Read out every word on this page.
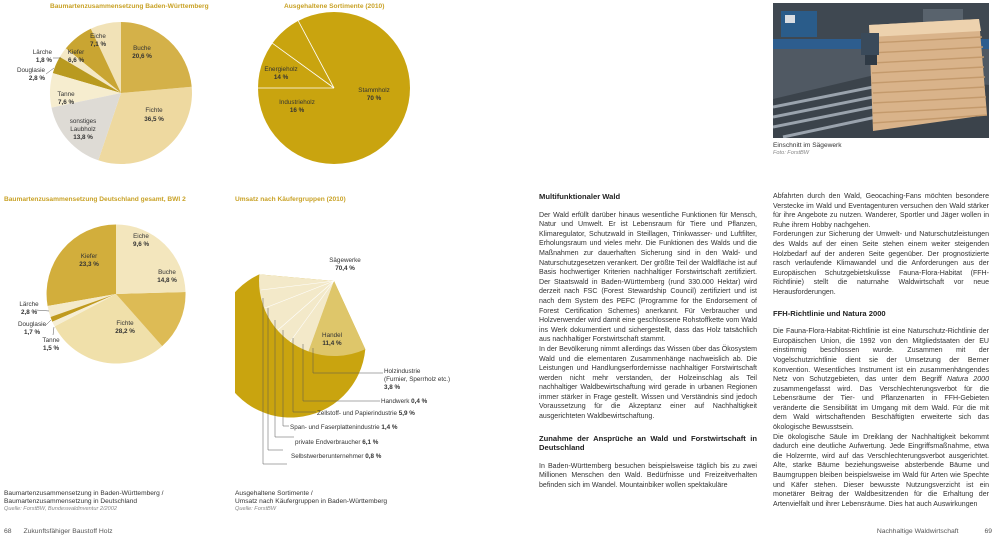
Baumartenzusammensetzung Baden-Württemberg	Ausgehaltene Sortimente (2010)
Baumartenzusammensetzung Deutschland gesamt, BWI 2	Umsatz nach Käufergruppen (2010)
Eiche
7,1 %
Buche
20,6 %
Kiefer
6,6 %
Lärche
1,8 %
Douglasie
2,8 %
Tanne
7,6 %
sonstiges
Laubholz
13,8 %
Fichte
36,5 %
Energieholz
14 %
Industrieholz
16 %
Stammholz
70 %
Eiche
9,6 %
Kiefer
23,3 %
Buche
14,8 %
Lärche
2,8 %
Douglasie
1,7 %
Tanne
1,5 %
Fichte
28,2 %
Sägewerke
70,4 %
Handel
11,4 %
Holzindustrie
(Furnier, Sperrholz etc.)
3,8 %
Handwerk 0,4 %
Zellstoff- und Papierindustrie 5,9 %
Span- und Faserplattenindustrie 1,4 %
private Endverbraucher 6,1 %
Selbstwerberunternehmer 0,8 %
Baumartenzusammensetzung in Baden-Württemberg /
Baumartenzusammensetzung in Deutschland
Quelle: ForstBW, Bundeswaldinventur 2/2002
Ausgehaltene Sortimente /
Umsatz nach Käufergruppen in Baden-Württemberg
Quelle: ForstBW
Einschnitt im Sägewerk
Foto: ForstBW
Multifunktionaler Wald

Der Wald erfüllt darüber hinaus wesentliche Funktionen für Mensch, Natur und Umwelt. Er ist Lebensraum für Tiere und Pflanzen, Klimaregulator, Schutzwald in Steillagen, Trinkwasser- und Luftfilter, Erholungsraum und vieles mehr. Die Funktionen des Walds und die Maßnahmen zur dauerhaften Sicherung sind in den Wald- und Naturschutzgesetzen verankert. Der größte Teil der Waldfläche ist auf Basis hochwertiger Kriterien nachhaltiger Forstwirtschaft zertifiziert. Der Staatswald in Baden-Württemberg (rund 330.000 Hektar) wird derzeit nach FSC (Forest Stewardship Council) zertifiziert und ist nach dem System des PEFC (Programme for the Endorsement of Forest Certification Schemes) anerkannt. Für Verbraucher und Holzverwender wird damit eine geschlossene Rohstoffkette vom Wald ins Werk dokumentiert und sichergestellt, dass das Holz tatsächlich aus nachhaltiger Forstwirtschaft stammt.

In der Bevölkerung nimmt allerdings das Wissen über das Ökosystem Wald und die elementaren Zusammenhänge nachweislich ab. Die Leistungen und Handlungserfordernisse nachhaltiger Forstwirtschaft werden nicht mehr verstanden, der Holzeinschlag als Teil nachhaltiger Waldbewirtschaftung wird gerade in urbanen Regionen immer stärker in Frage gestellt. Wissen und Verständnis sind jedoch Voraussetzung für die Akzeptanz einer auf Nachhaltigkeit ausgerichteten Waldbewirtschaftung.

Zunahme der Ansprüche an Wald und Forstwirtschaft in Deutschland

In Baden-Württemberg besuchen beispielsweise täglich bis zu zwei Millionen Menschen den Wald. Bedürfnisse und Freizeitverhalten befinden sich im Wandel. Mountainbiker wollen spektakuläre

Abfahrten durch den Wald, Geocaching-Fans möchten besondere Verstecke im Wald und Eventagenturen versuchen den Wald stärker für ihre Angebote zu nutzen. Wanderer, Sportler und Jäger wollen in Ruhe ihrem Hobby nachgehen.

Forderungen zur Sicherung der Umwelt- und Naturschutzleistungen des Walds auf der einen Seite stehen einem weiter steigenden Holzbedarf auf der anderen Seite gegenüber. Der prognostizierte rasch verlaufende Klimawandel und die Anforderungen aus der Europäischen Schutzgebietskulisse Fauna-Flora-Habitat (FFH-Richtlinie) stellt die naturnahe Waldwirtschaft vor neue Herausforderungen.

FFH-Richtlinie und Natura 2000

Die Fauna-Flora-Habitat-Richtlinie ist eine Naturschutz-Richtlinie der Europäischen Union, die 1992 von den Mitgliedstaaten der EU einstimmig beschlossen wurde. Zusammen mit der Vogelschutzrichtlinie dient sie der Umsetzung der Berner Konvention. Wesentliches Instrument ist ein zusammenhängendes Netz von Schutzgebieten, das unter dem Begriff Natura 2000 zusammengefasst wird. Das Verschlechterungsverbot für die Lebensräume der Tier- und Pflanzenarten in FFH-Gebieten veränderte die Sensibilität im Umgang mit dem Wald. Für die mit dem Wald wirtschaftenden Beschäftigten erweiterte sich das ökologische Bewusstsein.

Die ökologische Säule im Dreiklang der Nachhaltigkeit bekommt dadurch eine deutliche Aufwertung. Jede Eingriffsmaßnahme, etwa die Holzernte, wird auf das Verschlechterungsverbot ausgerichtet. Alte, starke Bäume beziehungsweise absterbende Bäume und Baumgruppen bleiben beispielsweise im Wald für Arten wie Spechte und Käfer stehen. Dieser bewusste Nutzungsverzicht ist ein monetärer Beitrag der Waldbesitzenden für die Erhaltung der Artenvielfalt und ihrer Lebensräume. Dies hat auch Auswirkungen

68 Zukunftsfähiger Baustoff Holz	Nachhaltige Waldwirtschaft	69
